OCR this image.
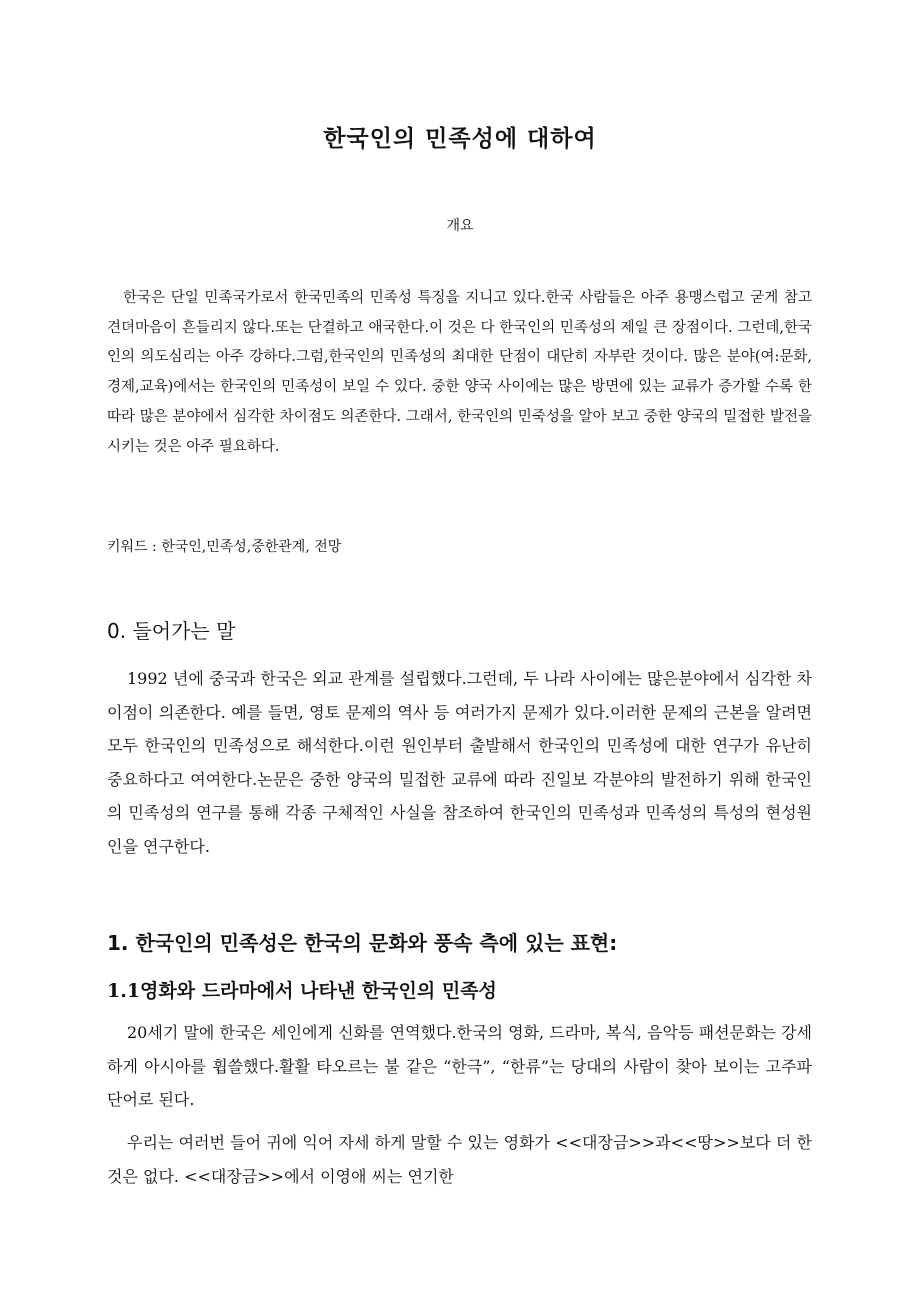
한국인의 민족성에 대하여
개요

한국은 단일 민족국가로서 한국민족의 민족성 특징을 지니고 있다.한국 사람들은 아주 용맹스럽고 굳게 참고 견뎌마음이 흔들리지 않다.또는 단결하고 애국한다.이 것은 다 한국인의 민족성의 제일 큰 장점이다. 그런데,한국인의 의도심리는 아주 강하다.그럼,한국인의 민족성의 최대한 단점이 대단히 자부란 것이다. 많은 분야(여:문화,경제,교육)에서는 한국인의 민족성이 보일 수 있다. 중한 양국 사이에는 많은 방면에 있는 교류가 증가할 수록 한따라 많은 분야에서 심각한 차이점도 의존한다. 그래서, 한국인의 민죽성을 알아 보고 중한 양국의 밀접한 발전을시키는 것은 아주 필요하다.

키워드 : 한국인,민족성,중한관계, 전망
0. 들어가는 말

1992 년에 중국과 한국은 외교 관계를 설립했다.그런데, 두 나라 사이에는 많은분야에서 심각한 차이점이 의존한다. 예를 들면, 영토 문제의 역사 등 여러가지 문제가 있다.이러한 문제의 근본을 알려면 모두 한국인의 민족성으로 해석한다.이런 원인부터 출발해서 한국인의 민족성에 대한 연구가 유난히 중요하다고 여여한다.논문은 중한 양국의 밀접한 교류에 따라 진일보 각분야의 발전하기 위해 한국인의 민족성의 연구를 통해 각종 구체적인 사실을 참조하여 한국인의 민족성과 민족성의 특성의 현성원인을 연구한다.

1. 한국인의 민족성은 한국의 문화와 풍속 측에 있는 표현:
1.1영화와 드라마에서 나타낸 한국인의 민족성

20세기 말에 한국은 세인에게 신화를 연역했다.한국의 영화, 드라마, 복식, 음악등 패션문화는 강세하게 아시아를 휩쓸했다.활활 타오르는 불 같은 “한극”, “한류”는 당대의 사람이 찾아 보이는 고주파 단어로 된다.

우리는 여러번 들어 귀에 익어 자세 하게 말할 수 있는 영화가 <<대장금>>과<<땅>>보다 더 한 것은 없다. <<대장금>>에서 이영애 씨는 연기한
